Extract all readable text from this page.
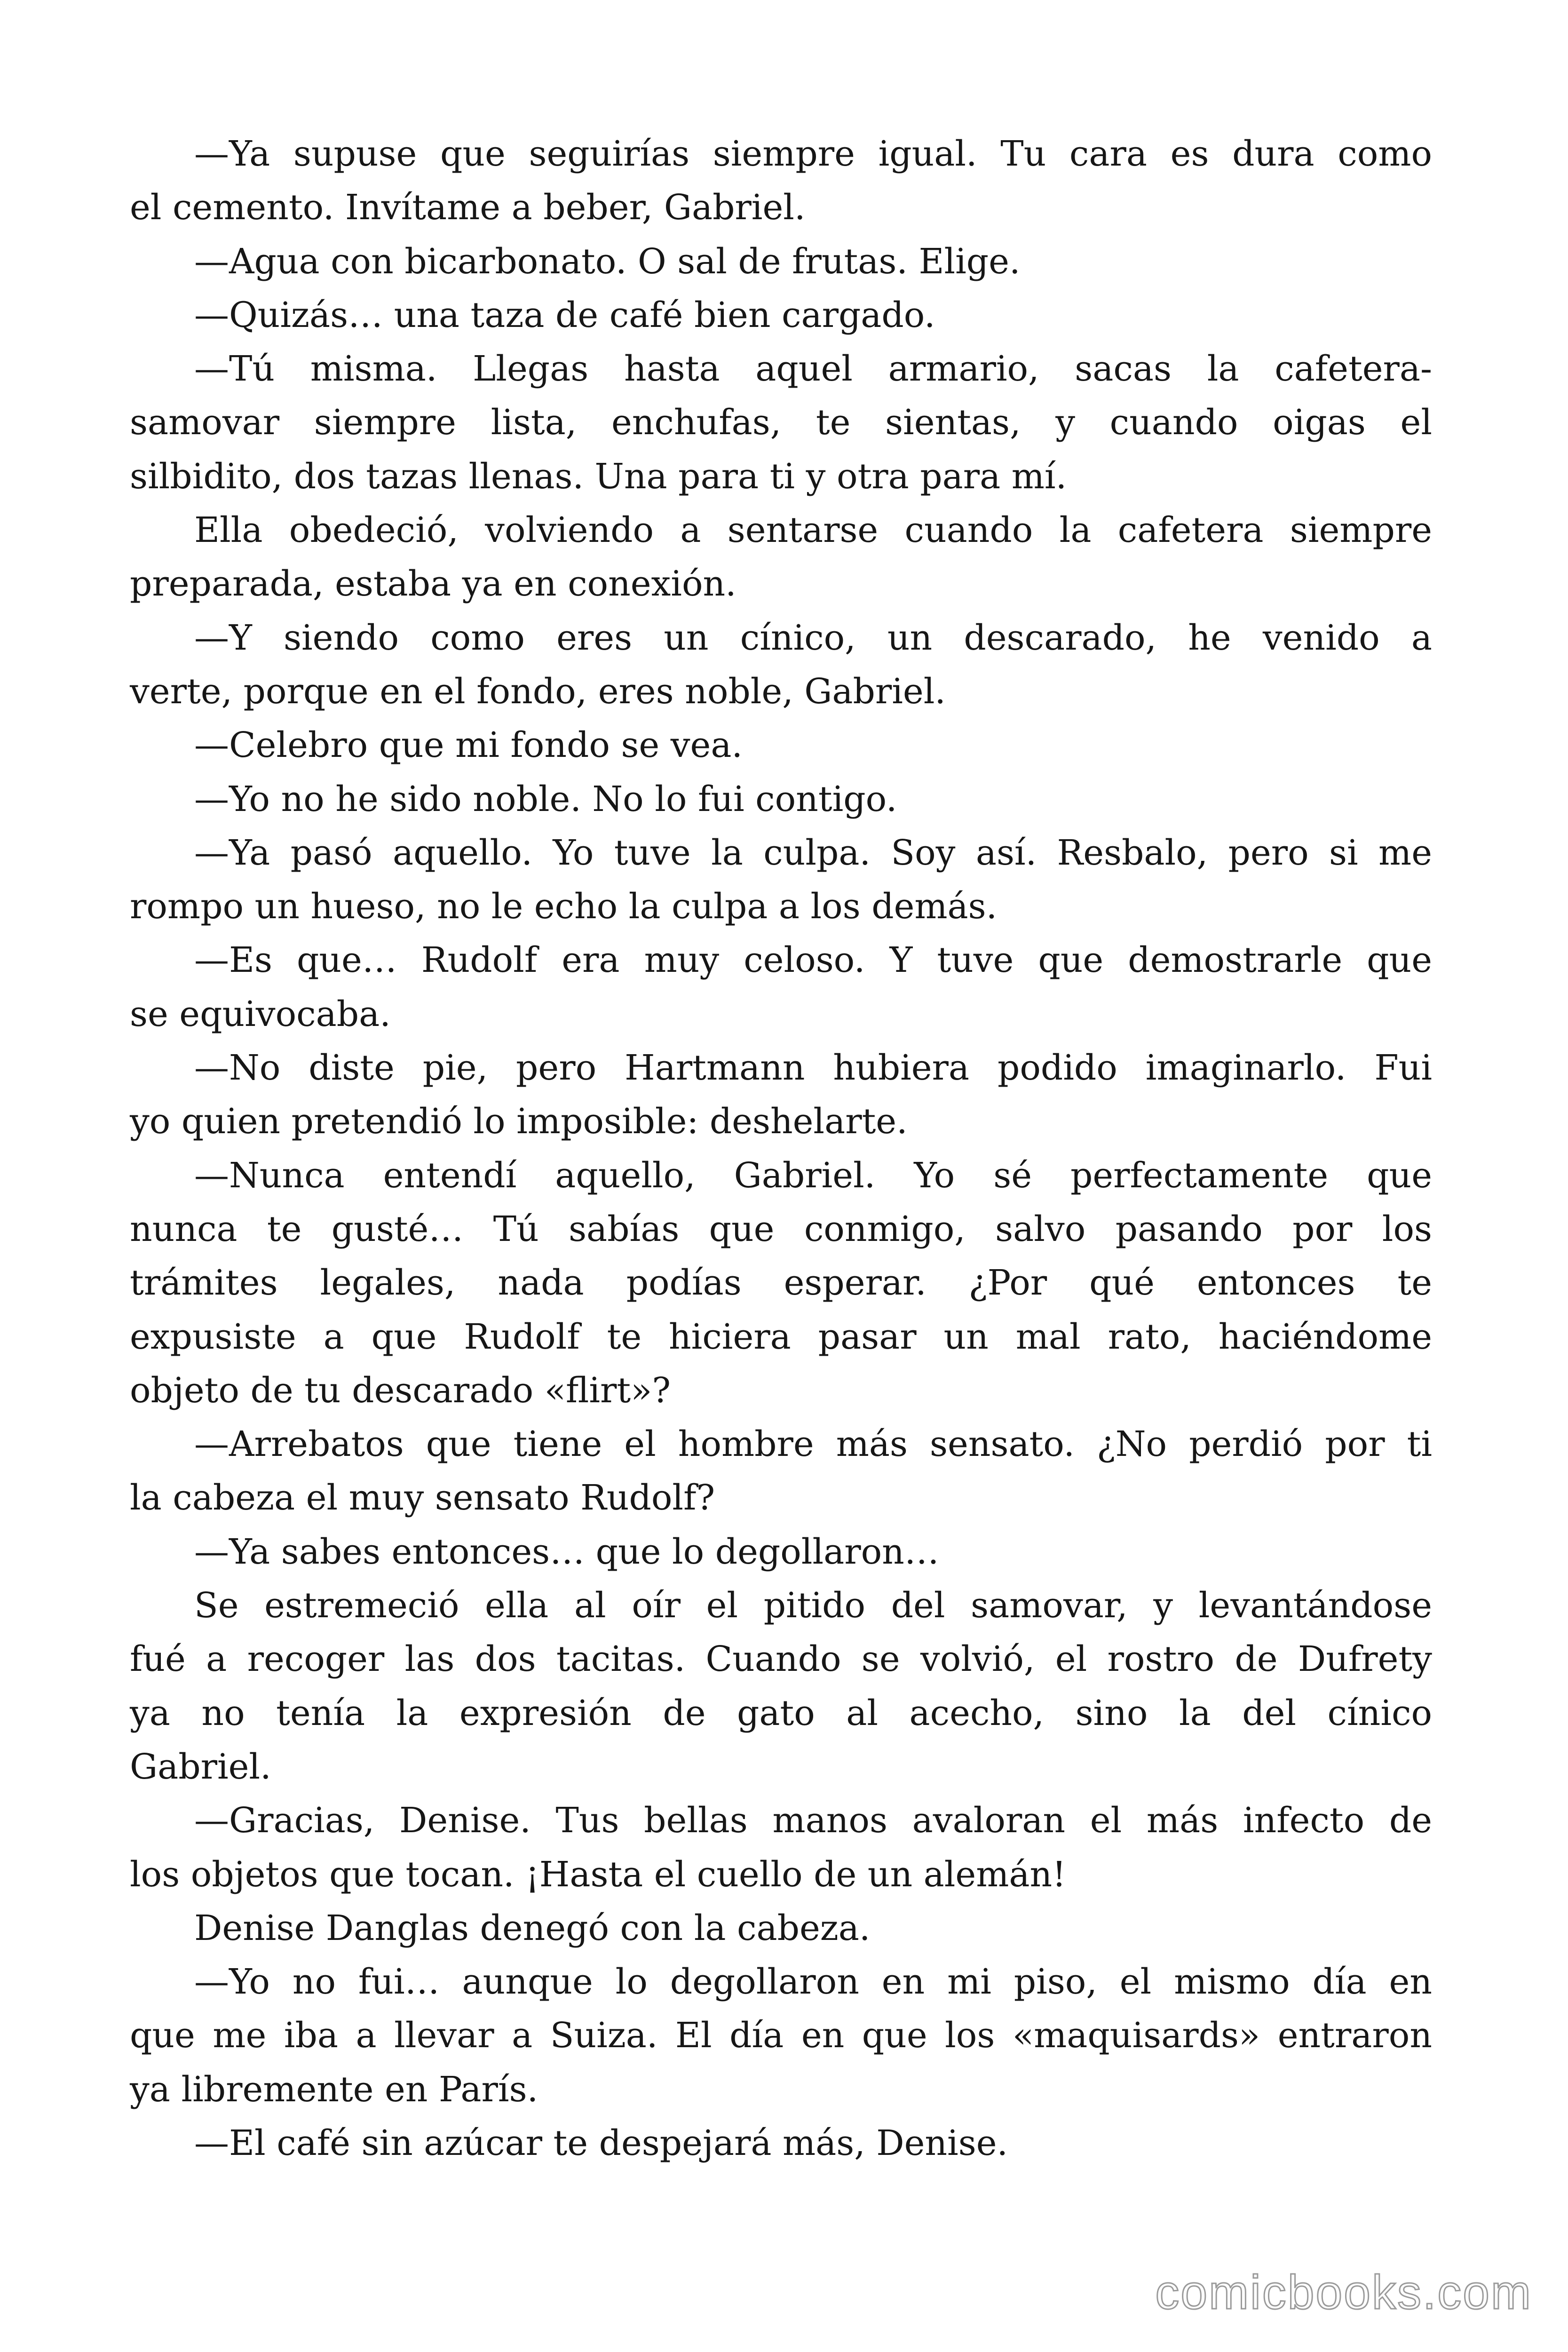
—Ya supuse que seguirías siempre igual. Tu cara es dura como
el cemento. Invítame a beber, Gabriel.
—Agua con bicarbonato. O sal de frutas. Elige.
—Quizás… una taza de café bien cargado.
—Tú misma. Llegas hasta aquel armario, sacas la cafetera-
samovar siempre lista, enchufas, te sientas, y cuando oigas el
silbidito, dos tazas llenas. Una para ti y otra para mí.
Ella obedeció, volviendo a sentarse cuando la cafetera siempre
preparada, estaba ya en conexión.
—Y siendo como eres un cínico, un descarado, he venido a
verte, porque en el fondo, eres noble, Gabriel.
—Celebro que mi fondo se vea.
—Yo no he sido noble. No lo fui contigo.
—Ya pasó aquello. Yo tuve la culpa. Soy así. Resbalo, pero si me
rompo un hueso, no le echo la culpa a los demás.
—Es que… Rudolf era muy celoso. Y tuve que demostrarle que
se equivocaba.
—No diste pie, pero Hartmann hubiera podido imaginarlo. Fui
yo quien pretendió lo imposible: deshelarte.
—Nunca entendí aquello, Gabriel. Yo sé perfectamente que
nunca te gusté… Tú sabías que conmigo, salvo pasando por los
trámites legales, nada podías esperar. ¿Por qué entonces te
expusiste a que Rudolf te hiciera pasar un mal rato, haciéndome
objeto de tu descarado «flirt»?
—Arrebatos que tiene el hombre más sensato. ¿No perdió por ti
la cabeza el muy sensato Rudolf?
—Ya sabes entonces… que lo degollaron…
Se estremeció ella al oír el pitido del samovar, y levantándose
fué a recoger las dos tacitas. Cuando se volvió, el rostro de Dufrety
ya no tenía la expresión de gato al acecho, sino la del cínico
Gabriel.
—Gracias, Denise. Tus bellas manos avaloran el más infecto de
los objetos que tocan. ¡Hasta el cuello de un alemán!
Denise Danglas denegó con la cabeza.
—Yo no fui… aunque lo degollaron en mi piso, el mismo día en
que me iba a llevar a Suiza. El día en que los «maquisards» entraron
ya libremente en París.
—El café sin azúcar te despejará más, Denise.
comicbooks.com
